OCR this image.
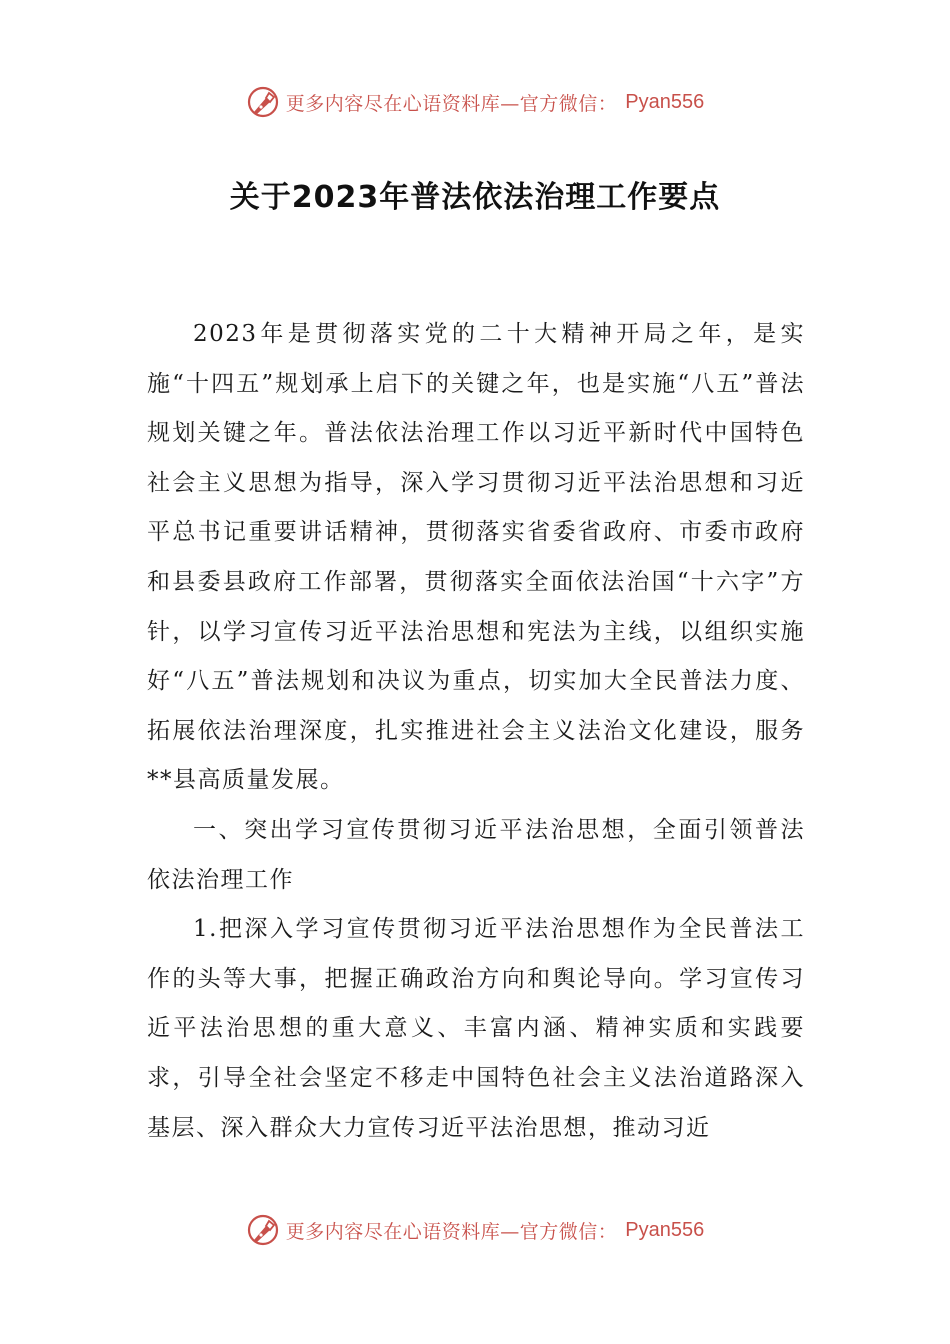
更多内容尽在心语资料库—官方微信： Pyan556
关于2023年普法依法治理工作要点

2023年是贯彻落实党的二十大精神开局之年，是实施“十四五”规划承上启下的关键之年，也是实施“八五”普法规划关键之年。普法依法治理工作以习近平新时代中国特色社会主义思想为指导，深入学习贯彻习近平法治思想和习近平总书记重要讲话精神，贯彻落实省委省政府、市委市政府和县委县政府工作部署，贯彻落实全面依法治国“十六字”方针，以学习宣传习近平法治思想和宪法为主线，以组织实施好“八五”普法规划和决议为重点，切实加大全民普法力度、拓展依法治理深度，扎实推进社会主义法治文化建设，服务**县高质量发展。

一、突出学习宣传贯彻习近平法治思想，全面引领普法依法治理工作

1.把深入学习宣传贯彻习近平法治思想作为全民普法工作的头等大事，把握正确政治方向和舆论导向。学习宣传习近平法治思想的重大意义、丰富内涵、精神实质和实践要求，引导全社会坚定不移走中国特色社会主义法治道路深入基层、深入群众大力宣传习近平法治思想，推动习近

更多内容尽在心语资料库—官方微信： Pyan556
